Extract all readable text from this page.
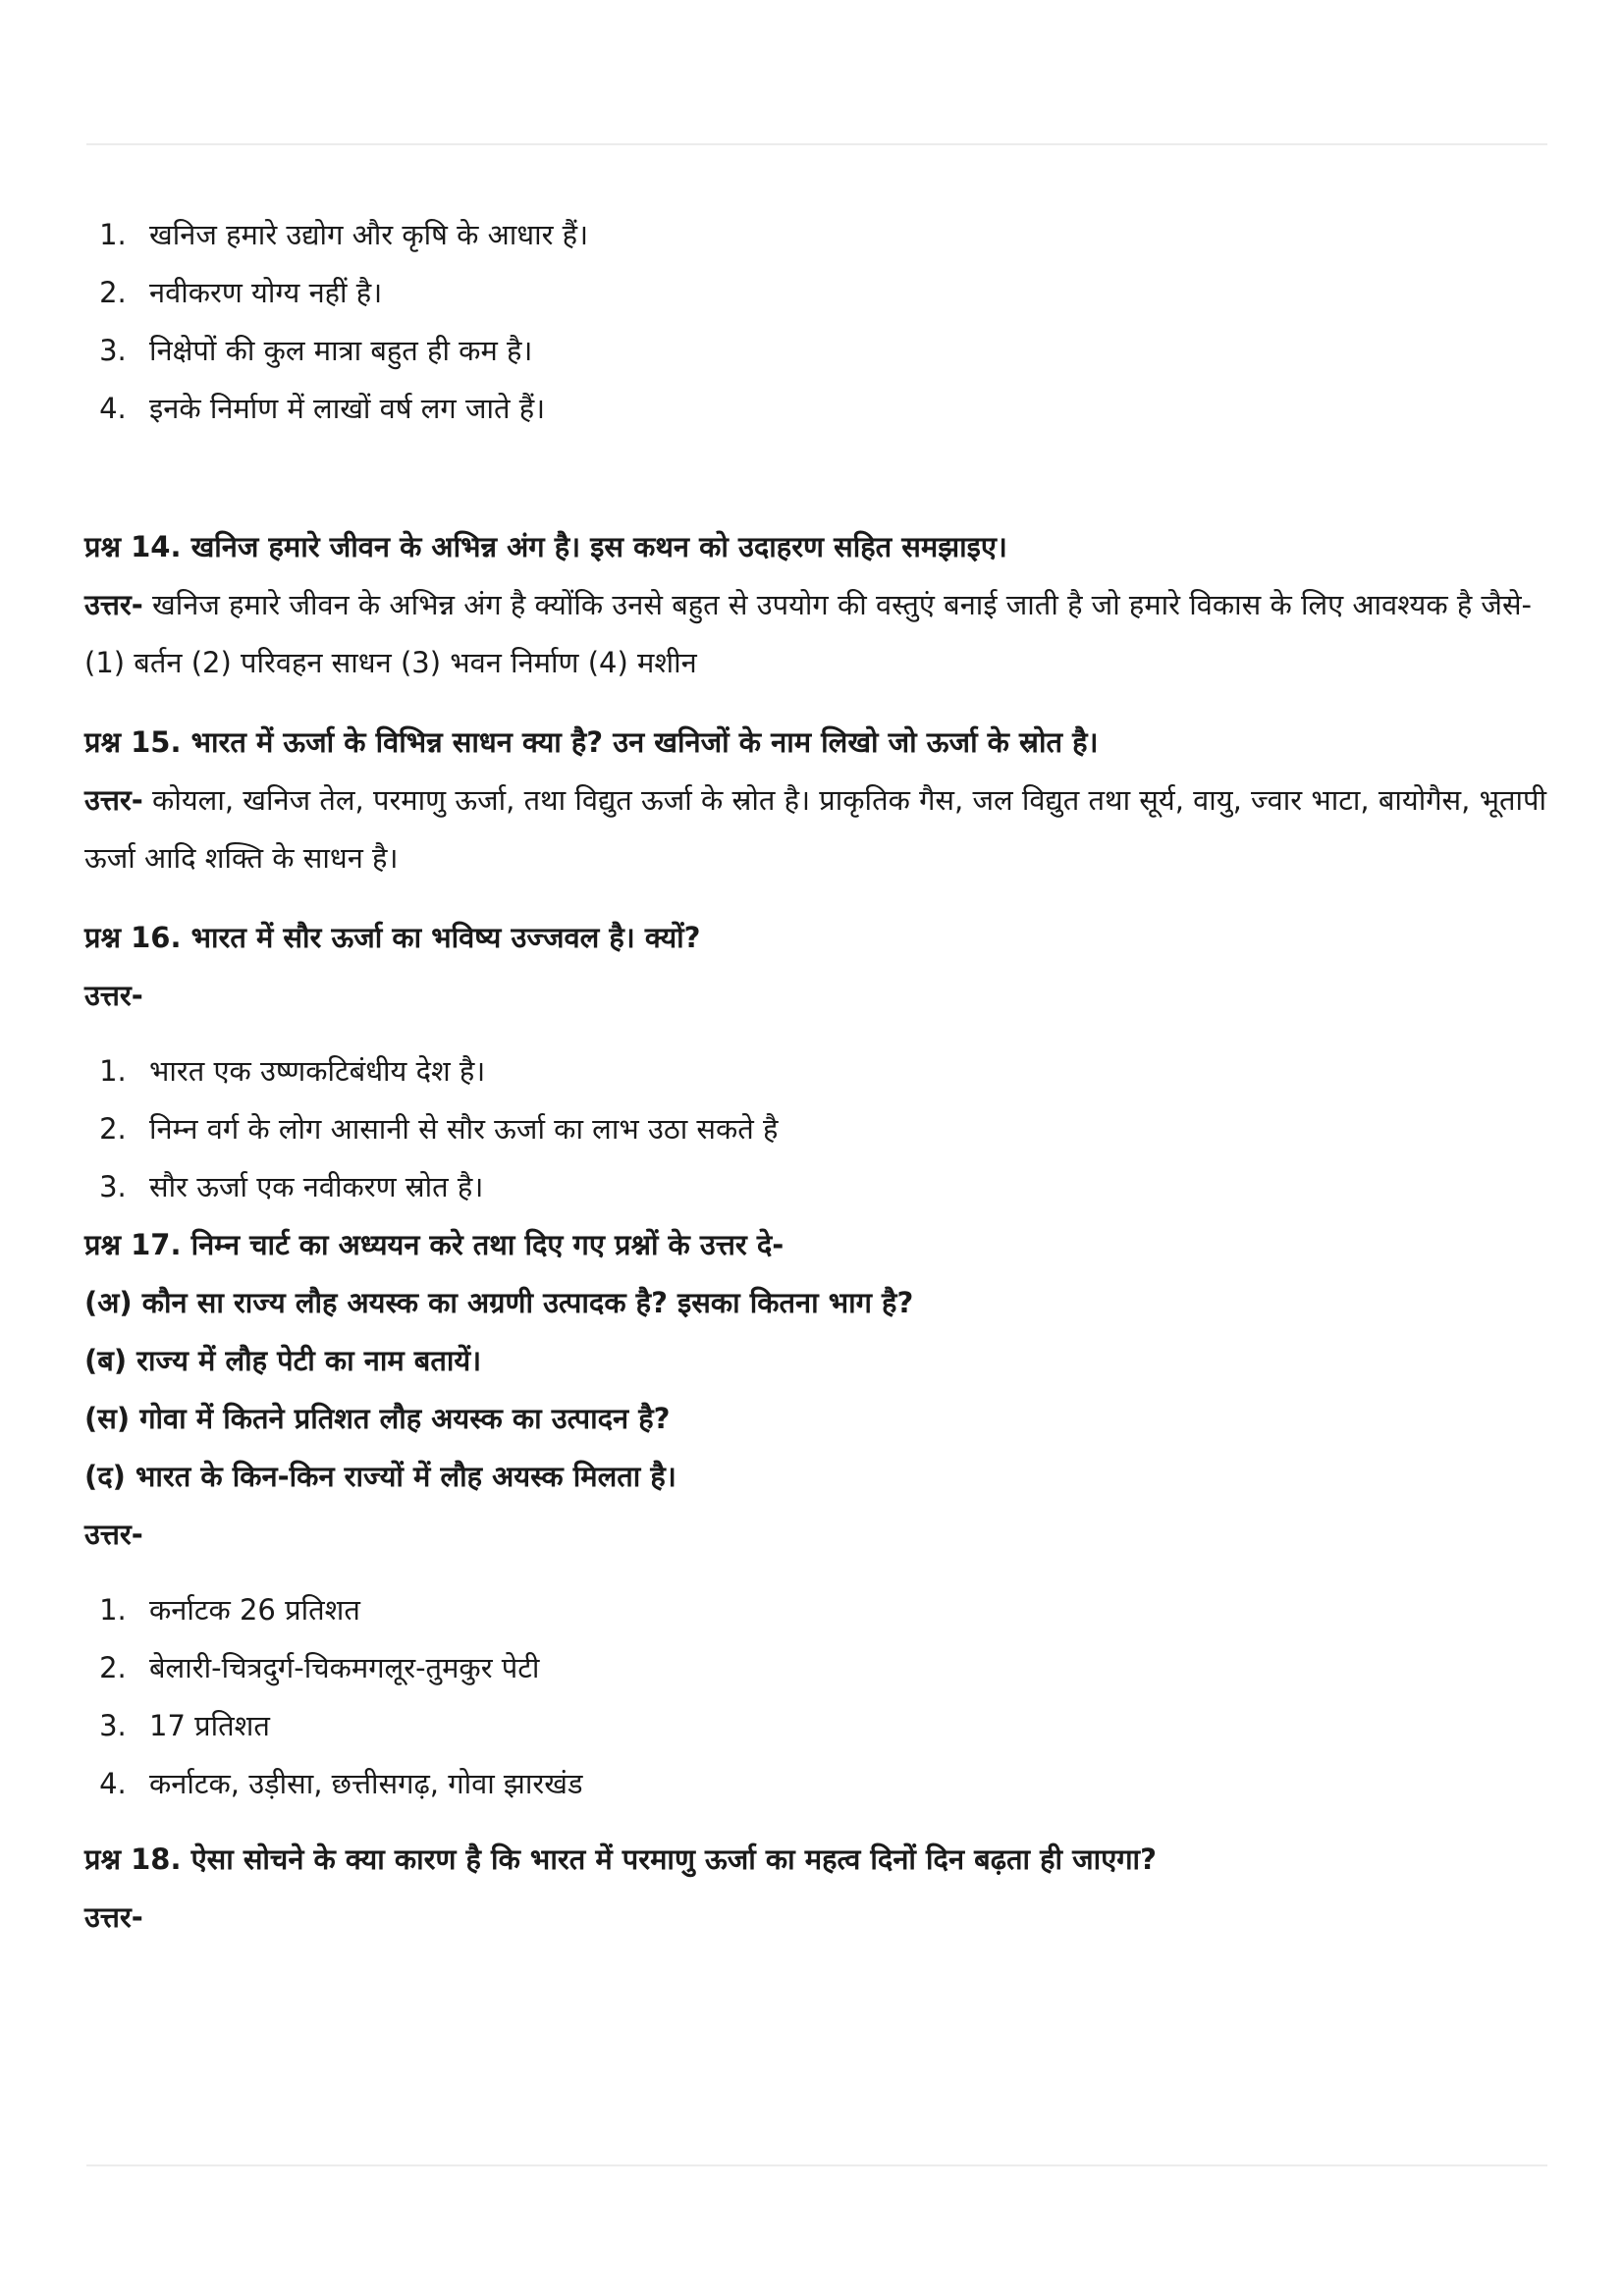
1. खनिज हमारे उद्योग और कृषि के आधार हैं।
2. नवीकरण योग्य नहीं है।
3. निक्षेपों की कुल मात्रा बहुत ही कम है।
4. इनके निर्माण में लाखों वर्ष लग जाते हैं।

प्रश्न 14. खनिज हमारे जीवन के अभिन्न अंग है। इस कथन को उदाहरण सहित समझाइए।

उत्तर- खनिज हमारे जीवन के अभिन्न अंग है क्योंकि उनसे बहुत से उपयोग की वस्तुएं बनाई जाती है जो हमारे विकास के लिए आवश्यक है जैसे-

(1) बर्तन (2) परिवहन साधन (3) भवन निर्माण (4) मशीन

प्रश्न 15. भारत में ऊर्जा के विभिन्न साधन क्या है? उन खनिजों के नाम लिखो जो ऊर्जा के स्रोत है।

उत्तर- कोयला, खनिज तेल, परमाणु ऊर्जा, तथा विद्युत ऊर्जा के स्रोत है। प्राकृतिक गैस, जल विद्युत तथा सूर्य, वायु, ज्वार भाटा, बायोगैस, भूतापी ऊर्जा आदि शक्ति के साधन है।

प्रश्न 16. भारत में सौर ऊर्जा का भविष्य उज्जवल है। क्यों?

उत्तर-

1. भारत एक उष्णकटिबंधीय देश है।
2. निम्न वर्ग के लोग आसानी से सौर ऊर्जा का लाभ उठा सकते है
3. सौर ऊर्जा एक नवीकरण स्रोत है।

प्रश्न 17. निम्न चार्ट का अध्ययन करे तथा दिए गए प्रश्नों के उत्तर दे-

(अ) कौन सा राज्य लौह अयस्क का अग्रणी उत्पादक है? इसका कितना भाग है?

(ब) राज्य में लौह पेटी का नाम बतायें।

(स) गोवा में कितने प्रतिशत लौह अयस्क का उत्पादन है?

(द) भारत के किन-किन राज्यों में लौह अयस्क मिलता है।

उत्तर-

1. कर्नाटक 26 प्रतिशत
2. बेलारी-चित्रदुर्ग-चिकमगलूर-तुमकुर पेटी
3. 17 प्रतिशत
4. कर्नाटक, उड़ीसा, छत्तीसगढ़, गोवा झारखंड

प्रश्न 18. ऐसा सोचने के क्या कारण है कि भारत में परमाणु ऊर्जा का महत्व दिनों दिन बढ़ता ही जाएगा?

उत्तर-
